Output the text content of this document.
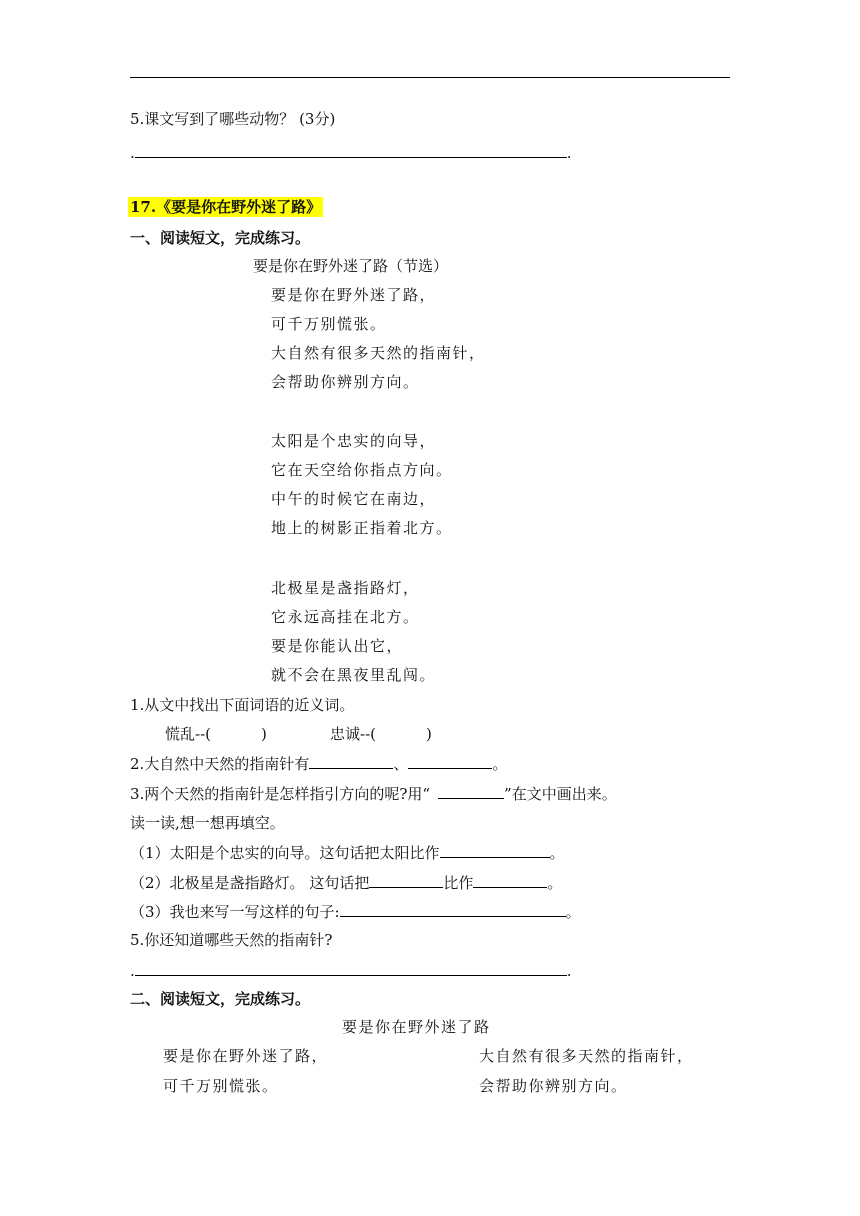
5.课文写到了哪些动物？ (3分)
.	.
17.《要是你在野外迷了路》
一、阅读短文，完成练习。
要是你在野外迷了路（节选）
要是你在野外迷了路，
可千万别慌张。
大自然有很多天然的指南针，
会帮助你辨别方向。
太阳是个忠实的向导，
它在天空给你指点方向。
中午的时候它在南边，
地上的树影正指着北方。
北极星是盏指路灯，
它永远高挂在北方。
要是你能认出它，
就不会在黑夜里乱闯。
1.从文中找出下面词语的近义词。
慌乱--(	)	忠诚--(	)
2.大自然中天然的指南针有	、	。
3.两个天然的指南针是怎样指引方向的呢?用“	”在文中画出来。
读一读,想一想再填空。
（1）太阳是个忠实的向导。这句话把太阳比作	。
（2）北极星是盏指路灯。 这句话把	比作	。
（3）我也来写一写这样的句子:	。
5.你还知道哪些天然的指南针?
.	.
二、阅读短文，完成练习。
要是你在野外迷了路
要是你在野外迷了路，
可千万别慌张。
大自然有很多天然的指南针，
会帮助你辨别方向。
